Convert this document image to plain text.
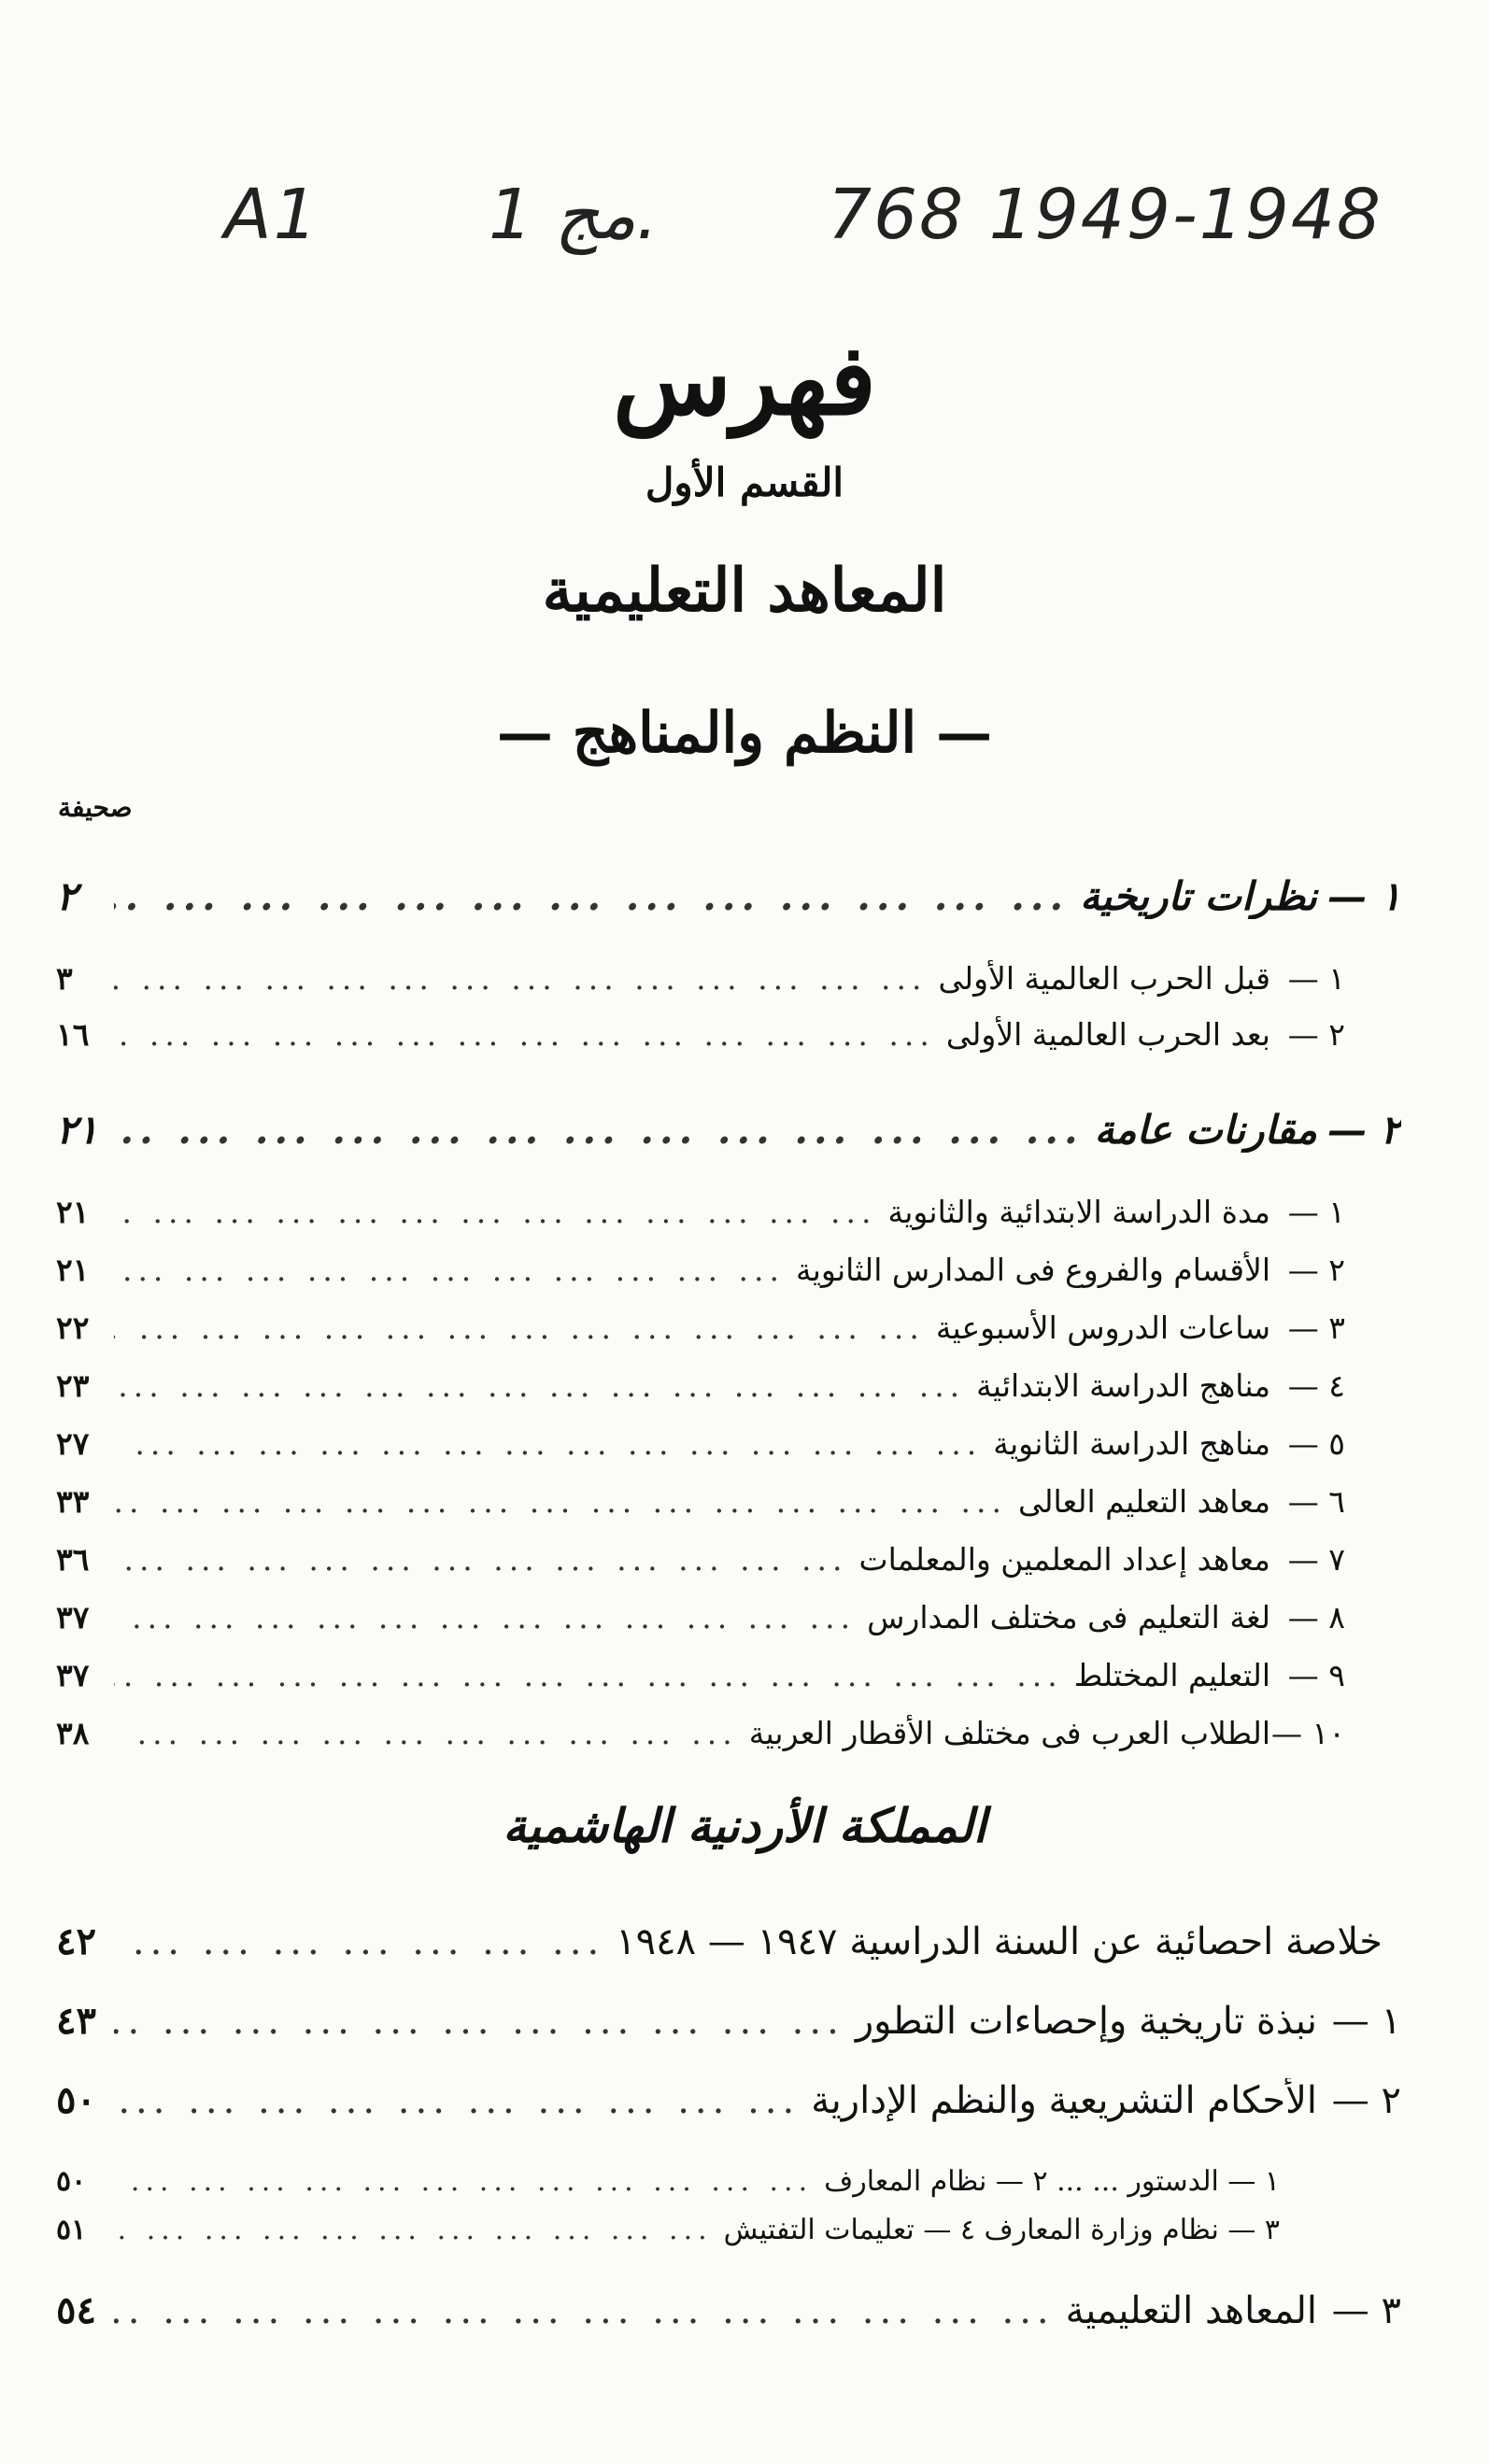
A1 1 مج. 768 1949-1948
فهرس
القسم الأول
المعاهد التعليمية
— النظم والمناهج —
صحيفة
١ —
نظرات تاريخية
... .
٢
١ —
قبل الحرب العالمية الأولى
... .
٣
٢ —
بعد الحرب العالمية الأولى
... .
١٦
٢ —
مقارنات عامة
... .
٢١
١ —
مدة الدراسة الابتدائية والثانوية
... .
٢١
٢ —
الأقسام والفروع فى المدارس الثانوية
... .
٢١
٣ —
ساعات الدروس الأسبوعية
... .
٢٢
٤ —
مناهج الدراسة الابتدائية
... .
٢٣
٥ —
مناهج الدراسة الثانوية
... .
٢٧
٦ —
معاهد التعليم العالى
... .
٣٣
٧ —
معاهد إعداد المعلمين والمعلمات
... .
٣٦
٨ —
لغة التعليم فى مختلف المدارس
... .
٣٧
٩ —
التعليم المختلط
... .
٣٧
١٠ —
الطلاب العرب فى مختلف الأقطار العربية
... .
٣٨
المملكة الأردنية الهاشمية
خلاصة احصائية عن السنة الدراسية ١٩٤٧ — ١٩٤٨
... .
٤٢
١ —
نبذة تاريخية وإحصاءات التطور
... .
٤٣
٢ —
الأحكام التشريعية والنظم الإدارية
... .
٥٠
١ — الدستور ... ... ٢ — نظام المعارف
... .
٥٠
٣ — نظام وزارة المعارف ٤ — تعليمات التفتيش
... .
٥١
٣ —
المعاهد التعليمية
... .
٥٤
